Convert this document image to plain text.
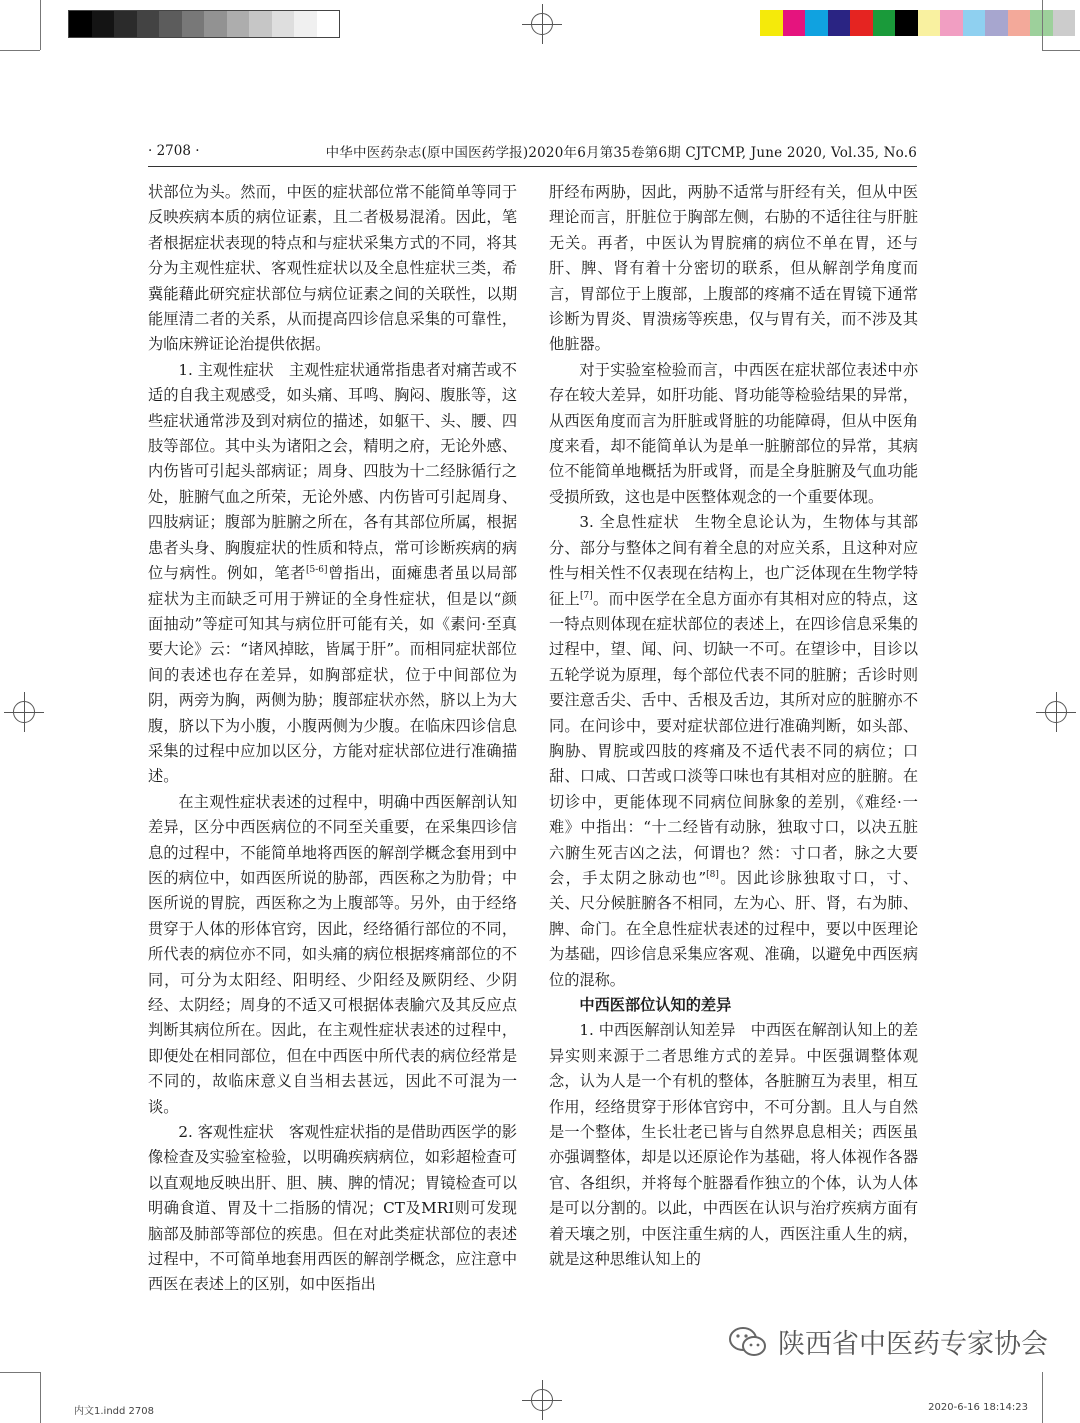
· 2708 ·	中华中医药杂志(原中国医药学报)2020年6月第35卷第6期 CJTCMP, June 2020, Vol.35, No.6

状部位为头。然而，中医的症状部位常不能简单等同于反映疾病本质的病位证素，且二者极易混淆。因此，笔者根据症状表现的特点和与症状采集方式的不同，将其分为主观性症状、客观性症状以及全息性症状三类，希冀能藉此研究症状部位与病位证素之间的关联性，以期能厘清二者的关系，从而提高四诊信息采集的可靠性，为临床辨证论治提供依据。

1. 主观性症状 主观性症状通常指患者对痛苦或不适的自我主观感受，如头痛、耳鸣、胸闷、腹胀等，这些症状通常涉及到对病位的描述，如躯干、头、腰、四肢等部位。其中头为诸阳之会，精明之府，无论外感、内伤皆可引起头部病证；周身、四肢为十二经脉循行之处，脏腑气血之所荣，无论外感、内伤皆可引起周身、四肢病证；腹部为脏腑之所在，各有其部位所属，根据患者头身、胸腹症状的性质和特点，常可诊断疾病的病位与病性。例如，笔者[5-6]曾指出，面瘫患者虽以局部症状为主而缺乏可用于辨证的全身性症状，但是以“颜面抽动”等症可知其与病位肝可能有关，如《素问·至真要大论》云：“诸风掉眩，皆属于肝”。而相同症状部位间的表述也存在差异，如胸部症状，位于中间部位为阴，两旁为胸，两侧为胁；腹部症状亦然，脐以上为大腹，脐以下为小腹，小腹两侧为少腹。在临床四诊信息采集的过程中应加以区分，方能对症状部位进行准确描述。

在主观性症状表述的过程中，明确中西医解剖认知差异，区分中西医病位的不同至关重要，在采集四诊信息的过程中，不能简单地将西医的解剖学概念套用到中医的病位中，如西医所说的胁部，西医称之为肋骨；中医所说的胃脘，西医称之为上腹部等。另外，由于经络贯穿于人体的形体官窍，因此，经络循行部位的不同，所代表的病位亦不同，如头痛的病位根据疼痛部位的不同，可分为太阳经、阳明经、少阳经及厥阴经、少阴经、太阴经；周身的不适又可根据体表腧穴及其反应点判断其病位所在。因此，在主观性症状表述的过程中，即便处在相同部位，但在中西医中所代表的病位经常是不同的，故临床意义自当相去甚远，因此不可混为一谈。

2. 客观性症状 客观性症状指的是借助西医学的影像检查及实验室检验，以明确疾病病位，如彩超检查可以直观地反映出肝、胆、胰、脾的情况；胃镜检查可以明确食道、胃及十二指肠的情况；CT及MRI则可发现脑部及肺部等部位的疾患。但在对此类症状部位的表述过程中，不可简单地套用西医的解剖学概念，应注意中西医在表述上的区别，如中医指出

肝经布两胁，因此，两胁不适常与肝经有关，但从中医理论而言，肝脏位于胸部左侧，右胁的不适往往与肝脏无关。再者，中医认为胃脘痛的病位不单在胃，还与肝、脾、肾有着十分密切的联系，但从解剖学角度而言，胃部位于上腹部，上腹部的疼痛不适在胃镜下通常诊断为胃炎、胃溃疡等疾患，仅与胃有关，而不涉及其他脏器。

对于实验室检验而言，中西医在症状部位表述中亦存在较大差异，如肝功能、肾功能等检验结果的异常，从西医角度而言为肝脏或肾脏的功能障碍，但从中医角度来看，却不能简单认为是单一脏腑部位的异常，其病位不能简单地概括为肝或肾，而是全身脏腑及气血功能受损所致，这也是中医整体观念的一个重要体现。

3. 全息性症状 生物全息论认为，生物体与其部分、部分与整体之间有着全息的对应关系，且这种对应性与相关性不仅表现在结构上，也广泛体现在生物学特征上[7]。而中医学在全息方面亦有其相对应的特点，这一特点则体现在症状部位的表述上，在四诊信息采集的过程中，望、闻、问、切缺一不可。在望诊中，目诊以五轮学说为原理，每个部位代表不同的脏腑；舌诊时则要注意舌尖、舌中、舌根及舌边，其所对应的脏腑亦不同。在问诊中，要对症状部位进行准确判断，如头部、胸胁、胃脘或四肢的疼痛及不适代表不同的病位；口甜、口咸、口苦或口淡等口味也有其相对应的脏腑。在切诊中，更能体现不同病位间脉象的差别，《难经·一难》中指出：“十二经皆有动脉，独取寸口，以决五脏六腑生死吉凶之法，何谓也？然：寸口者，脉之大要会，手太阴之脉动也”[8]。因此诊脉独取寸口，寸、关、尺分候脏腑各不相同，左为心、肝、肾，右为肺、脾、命门。在全息性症状表述的过程中，要以中医理论为基础，四诊信息采集应客观、准确，以避免中西医病位的混称。

中西医部位认知的差异

1. 中西医解剖认知差异 中西医在解剖认知上的差异实则来源于二者思维方式的差异。中医强调整体观念，认为人是一个有机的整体，各脏腑互为表里，相互作用，经络贯穿于形体官窍中，不可分割。且人与自然是一个整体，生长壮老已皆与自然界息息相关；西医虽亦强调整体，却是以还原论作为基础，将人体视作各器官、各组织，并将每个脏器看作独立的个体，认为人体是可以分割的。以此，中西医在认识与治疗疾病方面有着天壤之别，中医注重生病的人，西医注重人生的病，就是这种思维认知上的

陕西省中医药专家协会
内文1.indd 2708	2020-6-16 18:14:23
